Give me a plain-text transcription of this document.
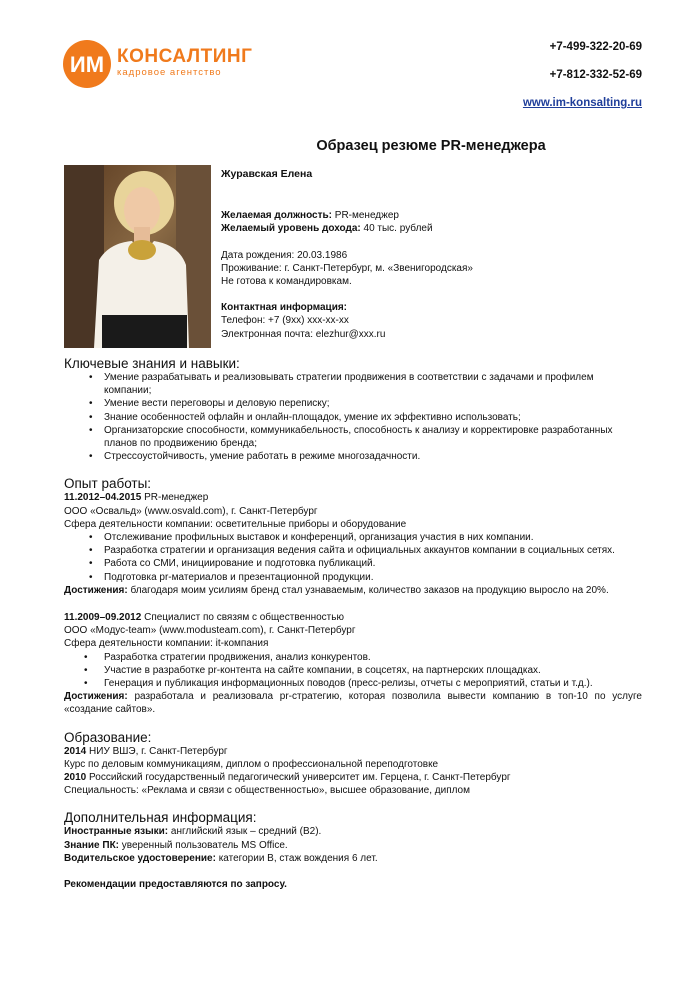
ИМ КОНСАЛТИНГ
кадровое агентство
+7-499-322-20-69
+7-812-332-52-69
www.im-konsalting.ru
Образец резюме PR-менеджера
Журавская Елена
Желаемая должность: PR-менеджер
Желаемый уровень дохода: 40 тыс. рублей
Дата рождения: 20.03.1986
Проживание: г. Санкт-Петербург, м. «Звенигородская»
Не готова к командировкам.
Контактная информация:
Телефон: +7 (9хх) ххх-хх-хх
Электронная почта: elezhur@xxx.ru
Ключевые знания и навыки:
• Умение разрабатывать и реализовывать стратегии продвижения в соответствии с задачами и профилем компании;
• Умение вести переговоры и деловую переписку;
• Знание особенностей офлайн и онлайн-площадок, умение их эффективно использовать;
• Организаторские способности, коммуникабельность, способность к анализу и корректировке разработанных планов по продвижению бренда;
• Стрессоустойчивость, умение работать в режиме многозадачности.
Опыт работы:
11.2012–04.2015 PR-менеджер
ООО «Освальд» (www.osvald.com), г. Санкт-Петербург
Сфера деятельности компании: осветительные приборы и оборудование
• Отслеживание профильных выставок и конференций, организация участия в них компании.
• Разработка стратегии и организация ведения сайта и официальных аккаунтов компании в социальных сетях.
• Работа со СМИ, инициирование и подготовка публикаций.
• Подготовка pr-материалов и презентационной продукции.
Достижения: благодаря моим усилиям бренд стал узнаваемым, количество заказов на продукцию выросло на 20%.
11.2009–09.2012 Специалист по связям с общественностью
ООО «Модус-team» (www.modusteam.com), г. Санкт-Петербург
Сфера деятельности компании: it-компания
• Разработка стратегии продвижения, анализ конкурентов.
• Участие в разработке pr-контента на сайте компании, в соцсетях, на партнерских площадках.
• Генерация и публикация информационных поводов (пресс-релизы, отчеты с мероприятий, статьи и т.д.).
Достижения: разработала и реализовала pr-стратегию, которая позволила вывести компанию в топ-10 по услуге «создание сайтов».
Образование:
2014 НИУ ВШЭ, г. Санкт-Петербург
Курс по деловым коммуникациям, диплом о профессиональной переподготовке
2010 Российский государственный педагогический университет им. Герцена, г. Санкт-Петербург
Специальность: «Реклама и связи с общественностью», высшее образование, диплом
Дополнительная информация:
Иностранные языки: английский язык – средний (B2).
Знание ПК: уверенный пользователь MS Office.
Водительское удостоверение: категории В, стаж вождения 6 лет.
Рекомендации предоставляются по запросу.
